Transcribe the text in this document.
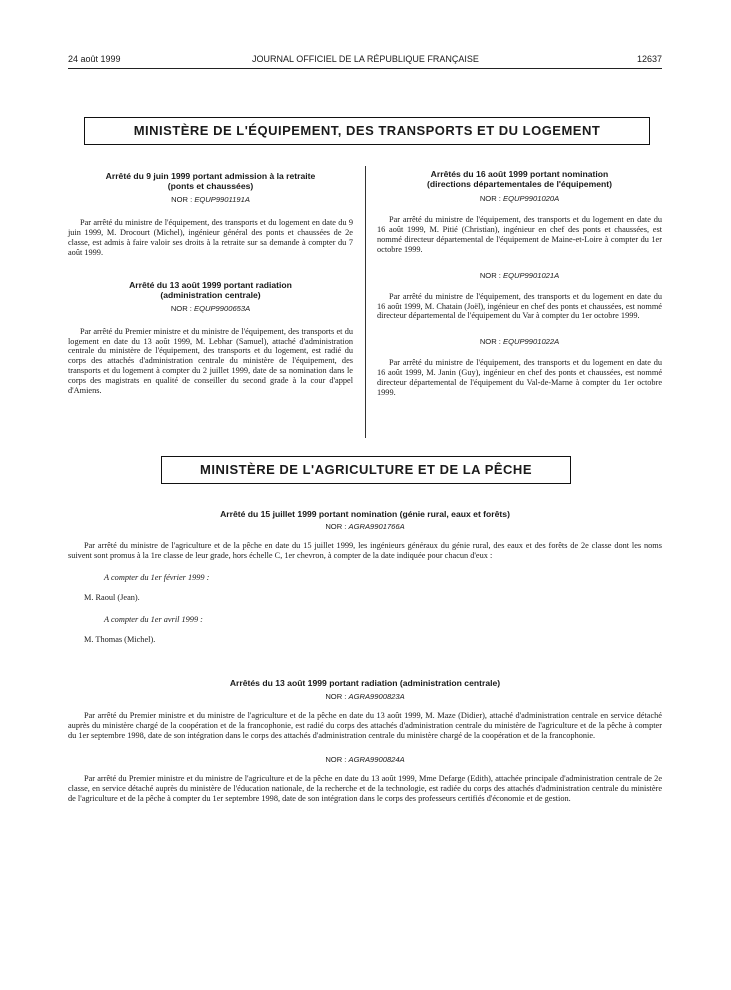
24 août 1999	JOURNAL OFFICIEL DE LA RÉPUBLIQUE FRANÇAISE	12637
MINISTÈRE DE L'ÉQUIPEMENT, DES TRANSPORTS ET DU LOGEMENT

Arrêté du 9 juin 1999 portant admission à la retraite
(ponts et chaussées)

NOR : EQUP9901191A

Par arrêté du ministre de l'équipement, des transports et du logement en date du 9 juin 1999, M. Drocourt (Michel), ingénieur général des ponts et chaussées de 2e classe, est admis à faire valoir ses droits à la retraite sur sa demande à compter du 7 août 1999.

Arrêté du 13 août 1999 portant radiation
(administration centrale)

NOR : EQUP9900653A

Par arrêté du Premier ministre et du ministre de l'équipement, des transports et du logement en date du 13 août 1999, M. Lebhar (Samuel), attaché d'administration centrale du ministère de l'équipement, des transports et du logement, est radié du corps des attachés d'administration centrale du ministère de l'équipement, des transports et du logement à compter du 2 juillet 1999, date de sa nomination dans le corps des magistrats en qualité de conseiller du second grade à la cour d'appel d'Amiens.

Arrêtés du 16 août 1999 portant nomination
(directions départementales de l'équipement)

NOR : EQUP9901020A

Par arrêté du ministre de l'équipement, des transports et du logement en date du 16 août 1999, M. Pitié (Christian), ingénieur en chef des ponts et chaussées, est nommé directeur départemental de l'équipement de Maine-et-Loire à compter du 1er octobre 1999.

NOR : EQUP9901021A

Par arrêté du ministre de l'équipement, des transports et du logement en date du 16 août 1999, M. Chatain (Joël), ingénieur en chef des ponts et chaussées, est nommé directeur départemental de l'équipement du Var à compter du 1er octobre 1999.

NOR : EQUP9901022A

Par arrêté du ministre de l'équipement, des transports et du logement en date du 16 août 1999, M. Janin (Guy), ingénieur en chef des ponts et chaussées, est nommé directeur départemental de l'équipement du Val-de-Marne à compter du 1er octobre 1999.

MINISTÈRE DE L'AGRICULTURE ET DE LA PÊCHE

Arrêté du 15 juillet 1999 portant nomination (génie rural, eaux et forêts)

NOR : AGRA9901766A

Par arrêté du ministre de l'agriculture et de la pêche en date du 15 juillet 1999, les ingénieurs généraux du génie rural, des eaux et des forêts de 2e classe dont les noms suivent sont promus à la 1re classe de leur grade, hors échelle C, 1er chevron, à compter de la date indiquée pour chacun d'eux :

A compter du 1er février 1999 :

M. Raoul (Jean).

A compter du 1er avril 1999 :

M. Thomas (Michel).

Arrêtés du 13 août 1999 portant radiation (administration centrale)

NOR : AGRA9900823A

Par arrêté du Premier ministre et du ministre de l'agriculture et de la pêche en date du 13 août 1999, M. Maze (Didier), attaché d'administration centrale en service détaché auprès du ministère chargé de la coopération et de la francophonie, est radié du corps des attachés d'administration centrale du ministère de l'agriculture et de la pêche à compter du 1er septembre 1998, date de son intégration dans le corps des attachés d'administration centrale du ministère chargé de la coopération et de la francophonie.

NOR : AGRA9900824A

Par arrêté du Premier ministre et du ministre de l'agriculture et de la pêche en date du 13 août 1999, Mme Defarge (Edith), attachée principale d'administration centrale de 2e classe, en service détaché auprès du ministère de l'éducation nationale, de la recherche et de la technologie, est radiée du corps des attachés d'administration centrale du ministère de l'agriculture et de la pêche à compter du 1er septembre 1998, date de son intégration dans le corps des professeurs certifiés d'économie et de gestion.
